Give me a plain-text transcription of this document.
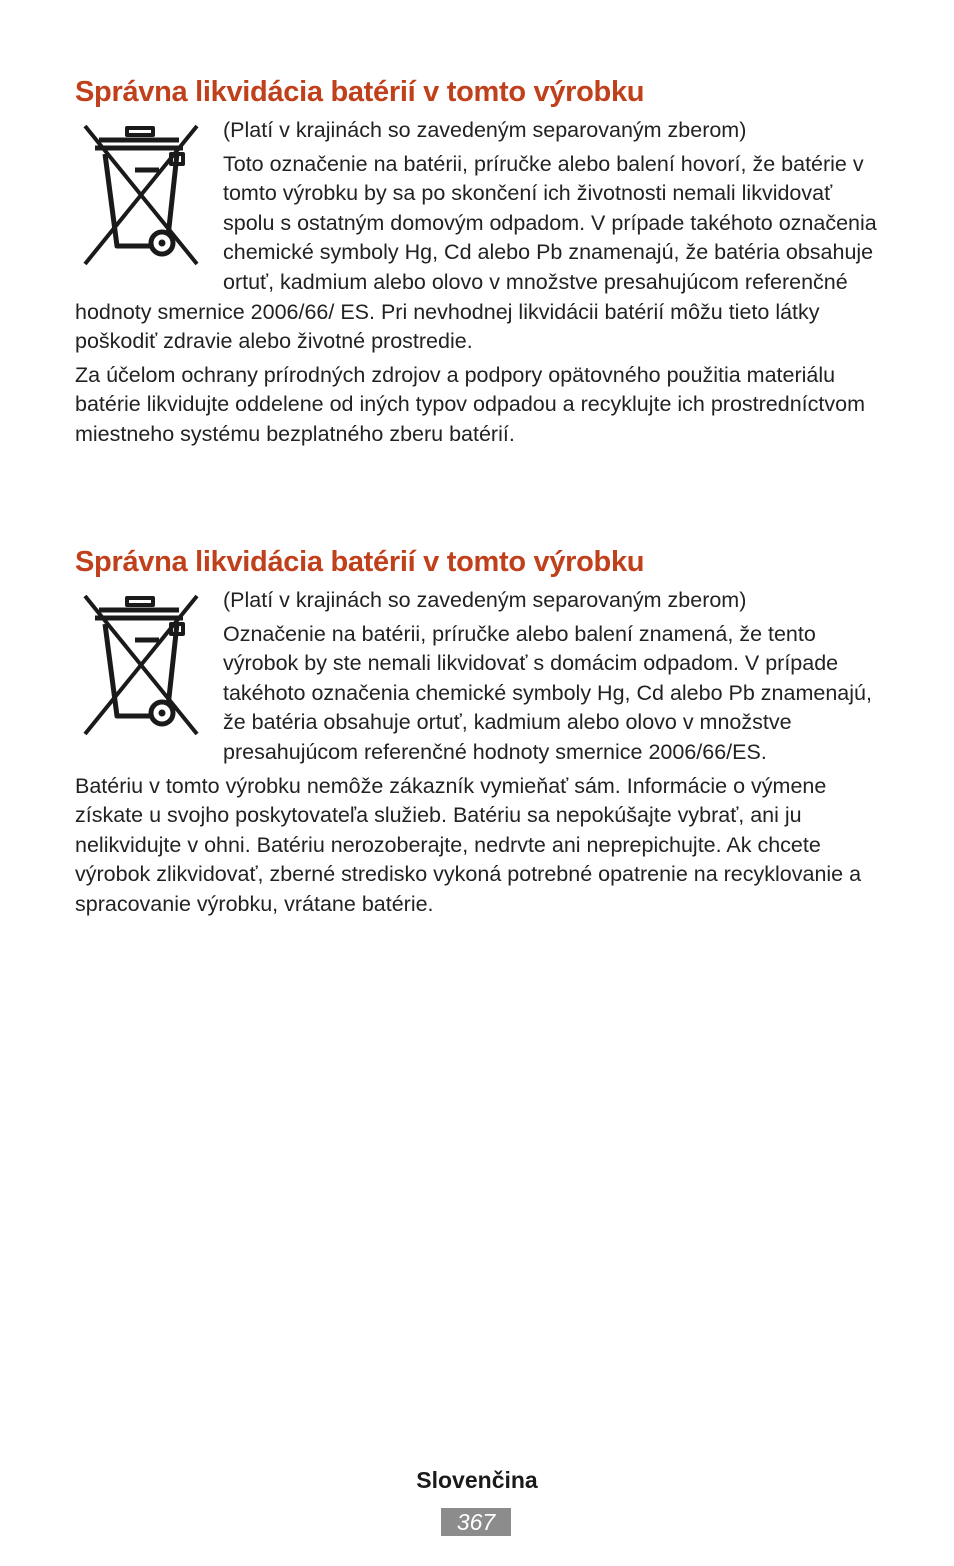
Správna likvidácia batérií v tomto výrobku

(Platí v krajinách so zavedeným separovaným zberom)

Toto označenie na batérii, príručke alebo balení hovorí, že batérie v tomto výrobku by sa po skončení ich životnosti nemali likvidovať spolu s ostatným domovým odpadom. V prípade takéhoto označenia chemické symboly Hg, Cd alebo Pb znamenajú, že batéria obsahuje ortuť, kadmium alebo olovo v množstve presahujúcom referenčné hodnoty smernice 2006/66/ ES. Pri nevhodnej likvidácii batérií môžu tieto látky poškodiť zdravie alebo životné prostredie.

Za účelom ochrany prírodných zdrojov a podpory opätovného použitia materiálu batérie likvidujte oddelene od iných typov odpadou a recyklujte ich prostredníctvom miestneho systému bezplatného zberu batérií.

Správna likvidácia batérií v tomto výrobku

(Platí v krajinách so zavedeným separovaným zberom)

Označenie na batérii, príručke alebo balení znamená, že tento výrobok by ste nemali likvidovať s domácim odpadom. V prípade takéhoto označenia chemické symboly Hg, Cd alebo Pb znamenajú, že batéria obsahuje ortuť, kadmium alebo olovo v množstve presahujúcom referenčné hodnoty smernice 2006/66/ES.

Batériu v tomto výrobku nemôže zákazník vymieňať sám. Informácie o výmene získate u svojho poskytovateľa služieb. Batériu sa nepokúšajte vybrať, ani ju nelikvidujte v ohni. Batériu nerozoberajte, nedrvte ani neprepichujte. Ak chcete výrobok zlikvidovať, zberné stredisko vykoná potrebné opatrenie na recyklovanie a spracovanie výrobku, vrátane batérie.

Slovenčina
367
